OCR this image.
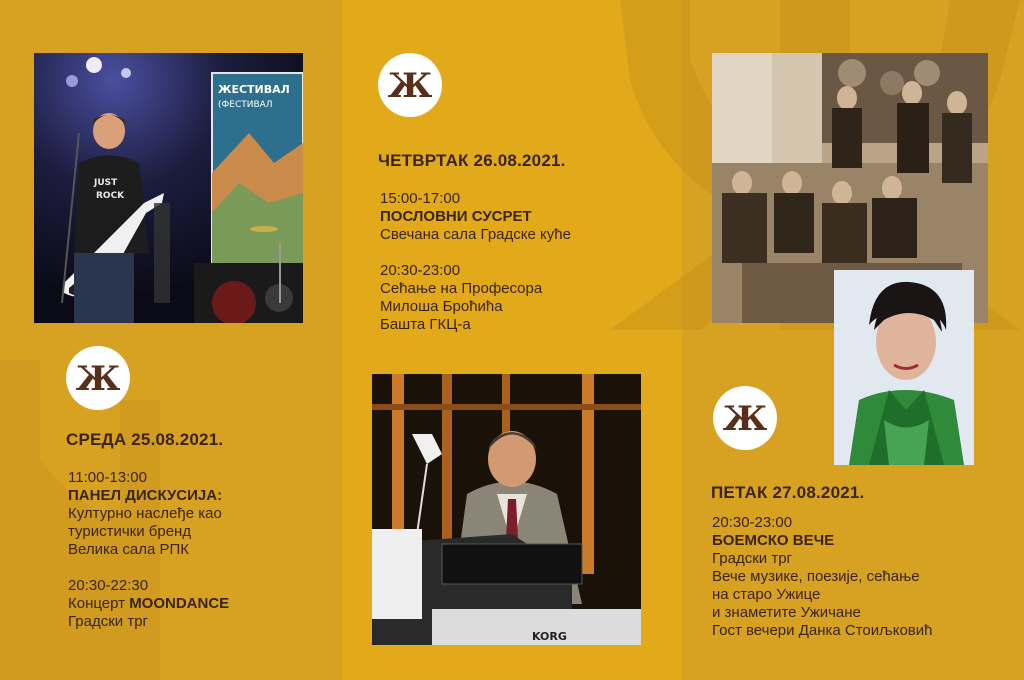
ЖЕСТИВАЛ
(ФЕСТИВАЛ
JUST
ROCK
Ж
СРЕДА 25.08.2021.
11:00-13:00
ПАНЕЛ ДИСКУСИЈА:
Културно наслеђе као
туристички бренд
Велика сала РПК
20:30-22:30
Концерт MOONDANCE
Градски трг
Ж
ЧЕТВРТАК 26.08.2021.
15:00-17:00
ПОСЛОВНИ СУСРЕТ
Свечана сала Градске куће
20:30-23:00
Сећање на Професора
Милоша Броћића
Башта ГКЦ-а
KORG
Ж
ПЕТАК 27.08.2021.
20:30-23:00
БОЕМСКО ВЕЧЕ
Градски трг
Вече музике, поезије, сећање
на старо Ужице
и знаметите Ужичане
Гост вечери Данка Стоиљковић
